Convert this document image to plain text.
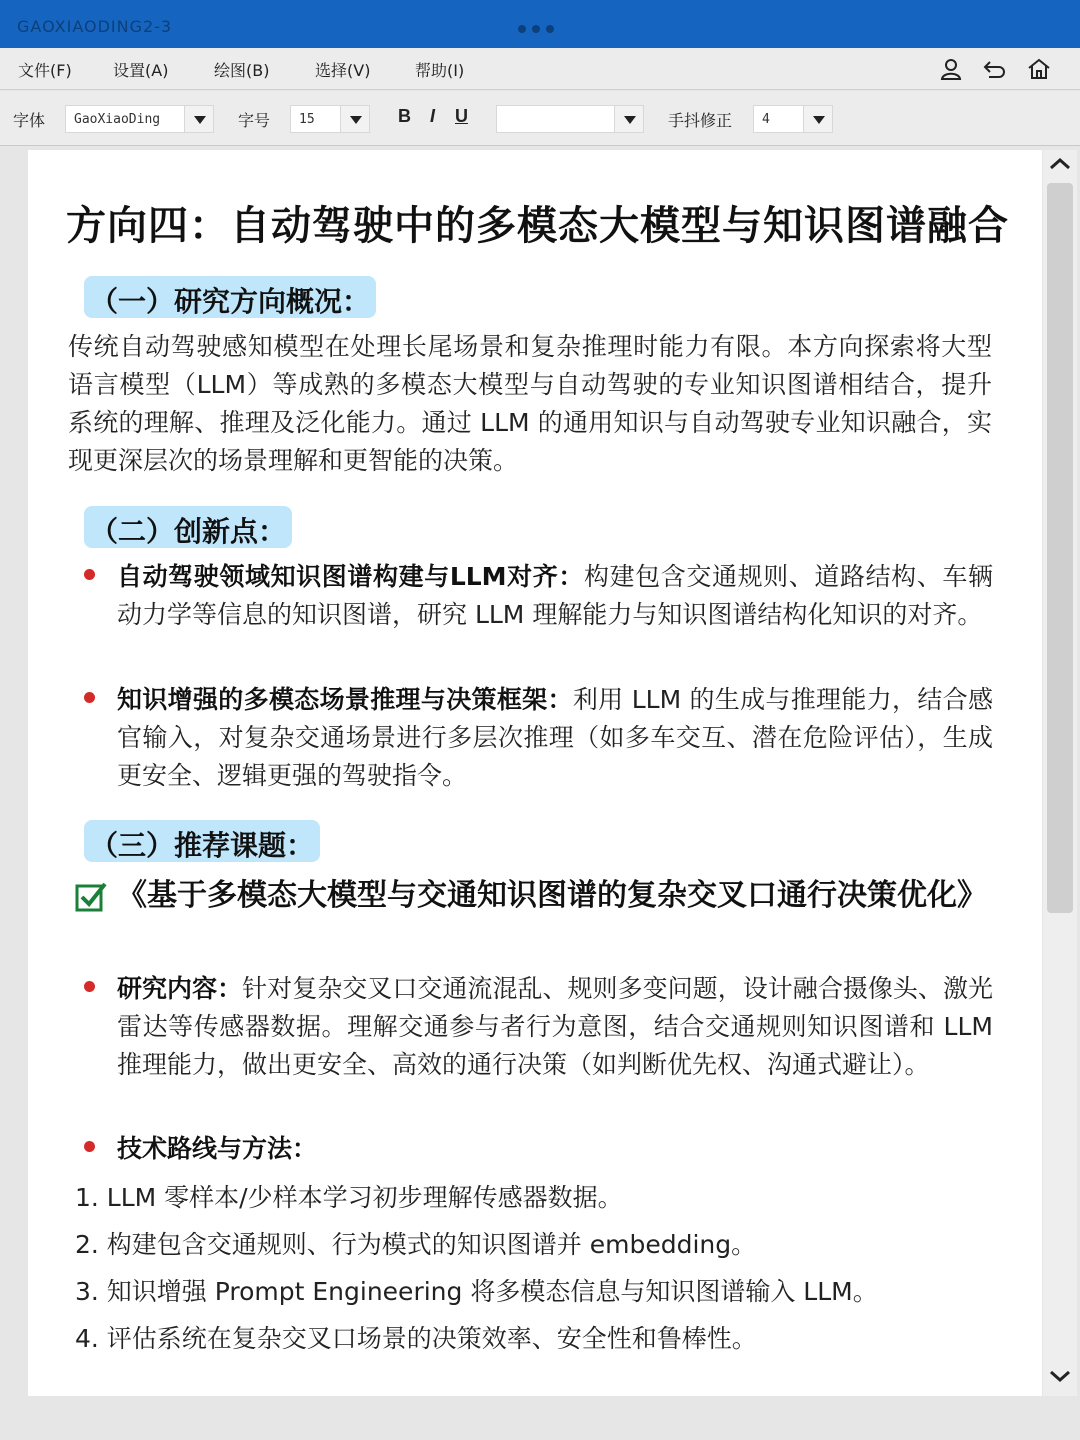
GAOXIAODING2-3
文件(F)	设置(A)	绘图(B)	选择(V)	帮助(I)
字体	GaoXiaoDing	字号	15	B I U	手抖修正	4
方向四：自动驾驶中的多模态大模型与知识图谱融合
（一）研究方向概况：
传统自动驾驶感知模型在处理长尾场景和复杂推理时能力有限。本方向探索将大型语言模型（LLM）等成熟的多模态大模型与自动驾驶的专业知识图谱相结合，提升系统的理解、推理及泛化能力。通过 LLM 的通用知识与自动驾驶专业知识融合，实现更深层次的场景理解和更智能的决策。
（二）创新点：
自动驾驶领域知识图谱构建与LLM对齐：构建包含交通规则、道路结构、车辆动力学等信息的知识图谱，研究 LLM 理解能力与知识图谱结构化知识的对齐。
知识增强的多模态场景推理与决策框架：利用 LLM 的生成与推理能力，结合感官输入，对复杂交通场景进行多层次推理（如多车交互、潜在危险评估），生成更安全、逻辑更强的驾驶指令。
（三）推荐课题：
《基于多模态大模型与交通知识图谱的复杂交叉口通行决策优化》
研究内容：针对复杂交叉口交通流混乱、规则多变问题，设计融合摄像头、激光雷达等传感器数据。理解交通参与者行为意图，结合交通规则知识图谱和 LLM 推理能力，做出更安全、高效的通行决策（如判断优先权、沟通式避让）。
技术路线与方法：
1. LLM 零样本/少样本学习初步理解传感器数据。
2. 构建包含交通规则、行为模式的知识图谱并 embedding。
3. 知识增强 Prompt Engineering 将多模态信息与知识图谱输入 LLM。
4. 评估系统在复杂交叉口场景的决策效率、安全性和鲁棒性。
